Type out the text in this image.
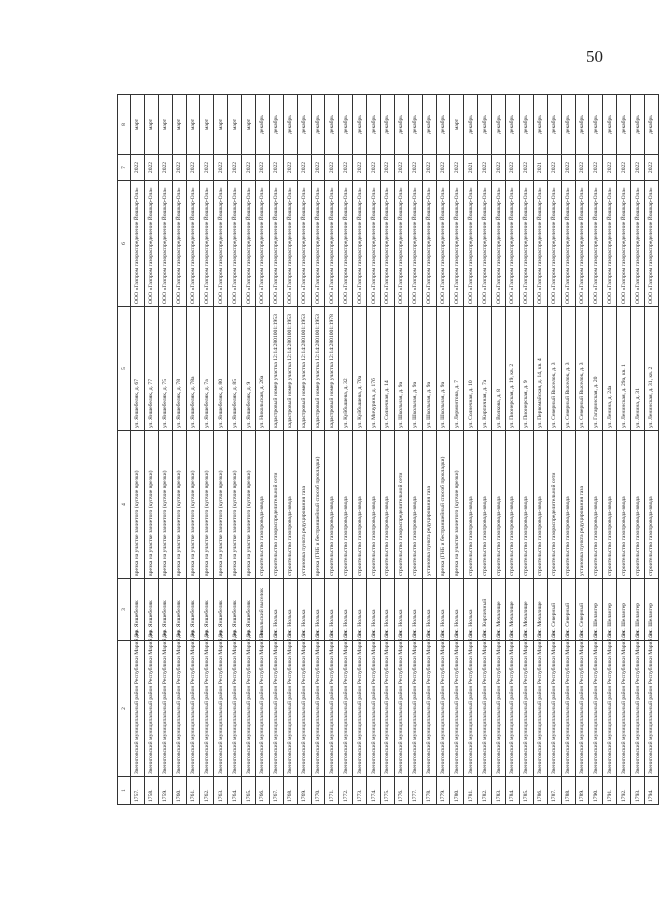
50
1	2	3	4	5	6	7	8
1757.	Звениговский муниципальный район Республики Марий Эл	дер. Яншебеляк	врезка на участке заниетого (купчие врезки)	ул. Яншебеляк, д. 67	ООО «Газпром газораспределение Йошкар-Ола»	2022	март
1758.	Звениговский муниципальный район Республики Марий Эл	дер. Яншебеляк	врезка на участке заниетого (купчие врезки)	ул. Яншебеляк, д. 77	ООО «Газпром газораспределение Йошкар-Ола»	2022	март
1759.	Звениговский муниципальный район Республики Марий Эл	дер. Яншебеляк	врезка на участке заниетого (купчие врезки)	ул. Яншебеляк, д. 75	ООО «Газпром газораспределение Йошкар-Ола»	2022	март
1760.	Звениговский муниципальный район Республики Марий Эл	дер. Яншебеляк	врезка на участке заниетого (купчие врезки)	ул. Яншебеляк, д. 78	ООО «Газпром газораспределение Йошкар-Ола»	2022	март
1761.	Звениговский муниципальный район Республики Марий Эл	дер. Яншебеляк	врезка на участке заниетого (купчие врезки)	ул. Яншебеляк, д. 78а	ООО «Газпром газораспределение Йошкар-Ола»	2022	март
1762.	Звениговский муниципальный район Республики Марий Эл	дер. Яншебеляк	врезка на участке заниетого (купчие врезки)	ул. Яншебеляк, д. 7а	ООО «Газпром газораспределение Йошкар-Ола»	2022	март
1763.	Звениговский муниципальный район Республики Марий Эл	дер. Яншебеляк	врезка на участке заниетого (купчие врезки)	ул. Яншебеляк, д. 80	ООО «Газпром газораспределение Йошкар-Ола»	2022	март
1764.	Звениговский муниципальный район Республики Марий Эл	дер. Яншебеляк	врезка на участке заниетого (купчие врезки)	ул. Яншебеляк, д. 85	ООО «Газпром газораспределение Йошкар-Ола»	2022	март
1765.	Звениговский муниципальный район Республики Марий Эл	дер. Яншебеляк	врезка на участке заниетого (купчие врезки)	ул. Яншебеляк, д. 9	ООО «Газпром газораспределение Йошкар-Ола»	2022	март
1766.	Звениговский муниципальный район Республики Марий Эл	Никольский выселок	строительство газопровода-ввода	ул. Никольская, д. 26а	ООО «Газпром газораспределение Йошкар-Ола»	2022	декабрь
1767.	Звениговский муниципальный район Республики Марий Эл	пос. Нолька	строительство газораспределительной сети	кадастровый номер участка 12:14:2801001:1953	ООО «Газпром газораспределение Йошкар-Ола»	2022	декабрь
1768.	Звениговский муниципальный район Республики Марий Эл	пос. Нолька	строительство газопровода-ввода	кадастровый номер участка 12:14:2801001:1953	ООО «Газпром газораспределение Йошкар-Ола»	2022	декабрь
1769.	Звениговский муниципальный район Республики Марий Эл	пос. Нолька	установка пункта редуцирования газа	кадастровый номер участка 12:14:2801001:1953	ООО «Газпром газораспределение Йошкар-Ола»	2022	декабрь
1770.	Звениговский муниципальный район Республики Марий Эл	пос. Нолька	врезка (ГНБ и бестраншейный способ прокладки)	кадастровый номер участка 12:14:2801001:1953	ООО «Газпром газораспределение Йошкар-Ола»	2022	декабрь
1771.	Звениговский муниципальный район Республики Марий Эл	пос. Нолька	строительство газопровода-ввода	кадастровый номер участка 12:14:2801001:1978	ООО «Газпром газораспределение Йошкар-Ола»	2022	декабрь
1772.	Звениговский муниципальный район Республики Марий Эл	пос. Нолька	строительство газопровода-ввода	ул. Куйбышева, д. 32	ООО «Газпром газораспределение Йошкар-Ола»	2022	декабрь
1773.	Звениговский муниципальный район Республики Марий Эл	пос. Нолька	строительство газопровода-ввода	ул. Куйбышева, д. 70а	ООО «Газпром газораспределение Йошкар-Ола»	2022	декабрь
1774.	Звениговский муниципальный район Республики Марий Эл	пос. Нолька	строительство газопровода-ввода	ул. Мичурина, д. 17б	ООО «Газпром газораспределение Йошкар-Ола»	2022	декабрь
1775.	Звениговский муниципальный район Республики Марий Эл	пос. Нолька	строительство газопровода-ввода	ул. Солнечная, д. 14	ООО «Газпром газораспределение Йошкар-Ола»	2022	декабрь
1776.	Звениговский муниципальный район Республики Марий Эл	пос. Нолька	строительство газораспределительной сети	ул. Школьная, д. 9а	ООО «Газпром газораспределение Йошкар-Ола»	2022	декабрь
1777.	Звениговский муниципальный район Республики Марий Эл	пос. Нолька	строительство газопровода-ввода	ул. Школьная, д. 9а	ООО «Газпром газораспределение Йошкар-Ола»	2022	декабрь
1778.	Звениговский муниципальный район Республики Марий Эл	пос. Нолька	установка пункта редуцирования газа	ул. Школьная, д. 9а	ООО «Газпром газораспределение Йошкар-Ола»	2022	декабрь
1779.	Звениговский муниципальный район Республики Марий Эл	пос. Нолька	врезка (ГНБ и бестраншейный способ прокладки)	ул. Школьная, д. 9а	ООО «Газпром газораспределение Йошкар-Ола»	2022	декабрь
1780.	Звениговский муниципальный район Республики Марий Эл	пос. Нолька	врезка на участке заниетого (купчие врезки)	ул. Лермонтова, д. 7	ООО «Газпром газораспределение Йошкар-Ола»	2022	март
1781.	Звениговский муниципальный район Республики Марий Эл	пос. Нолька	строительство газопровода-ввода	ул. Солнечная, д. 10	ООО «Газпром газораспределение Йошкар-Ола»	2021	декабрь
1782.	Звениговский муниципальный район Республики Марий Эл	пос. Кирпичный	строительство газопровода-ввода	ул. Кирпичная, д. 7а	ООО «Газпром газораспределение Йошкар-Ола»	2022	декабрь
1783.	Звениговский муниципальный район Республики Марий Эл	пос. Мочалище	строительство газопровода-ввода	ул. Волкова, д. 8	ООО «Газпром газораспределение Йошкар-Ола»	2022	декабрь
1784.	Звениговский муниципальный район Республики Марий Эл	пос. Мочалище	строительство газопровода-ввода	ул. Пионерская, д. 19, кв. 2	ООО «Газпром газораспределение Йошкар-Ола»	2022	декабрь
1785.	Звениговский муниципальный район Республики Марий Эл	пос. Мочалище	строительство газопровода-ввода	ул. Пионерская, д. 9	ООО «Газпром газораспределение Йошкар-Ола»	2022	декабрь
1786.	Звениговский муниципальный район Республики Марий Эл	пос. Мочалище	строительство газопровода-ввода	ул. Первомайская, д. 14, кв. 4	ООО «Газпром газораспределение Йошкар-Ола»	2021	декабрь
1787.	Звениговский муниципальный район Республики Марий Эл	пос. Северный	строительство газораспределительной сети	ул. Северный Выселок, д. 3	ООО «Газпром газораспределение Йошкар-Ола»	2022	декабрь
1788.	Звениговский муниципальный район Республики Марий Эл	пос. Северный	строительство газопровода-ввода	ул. Северный Выселок, д. 3	ООО «Газпром газораспределение Йошкар-Ола»	2022	декабрь
1789.	Звениговский муниципальный район Республики Марий Эл	пос. Северный	установка пункта редуцирования газа	ул. Северный Выселок, д. 3	ООО «Газпром газораспределение Йошкар-Ола»	2022	декабрь
1790.	Звениговский муниципальный район Республики Марий Эл	пос. Шелангер	строительство газопровода-ввода	ул. Гагаринская, д. 20	ООО «Газпром газораспределение Йошкар-Ола»	2022	декабрь
1791.	Звениговский муниципальный район Республики Марий Эл	пос. Шелангер	строительство газопровода-ввода	ул. Ленина, д. 24а	ООО «Газпром газораспределение Йошкар-Ола»	2022	декабрь
1792.	Звениговский муниципальный район Республики Марий Эл	пос. Шелангер	строительство газопровода-ввода	ул. Ленинская, д. 29а, кв. 1	ООО «Газпром газораспределение Йошкар-Ола»	2022	декабрь
1793.	Звениговский муниципальный район Республики Марий Эл	пос. Шелангер	строительство газопровода-ввода	ул. Ленина, д. 31	ООО «Газпром газораспределение Йошкар-Ола»	2022	декабрь
1794.	Звениговский муниципальный район Республики Марий Эл	пос. Шелангер	строительство газопровода-ввода	ул. Ленинская, д. 31, кв. 2	ООО «Газпром газораспределение Йошкар-Ола»	2022	декабрь
